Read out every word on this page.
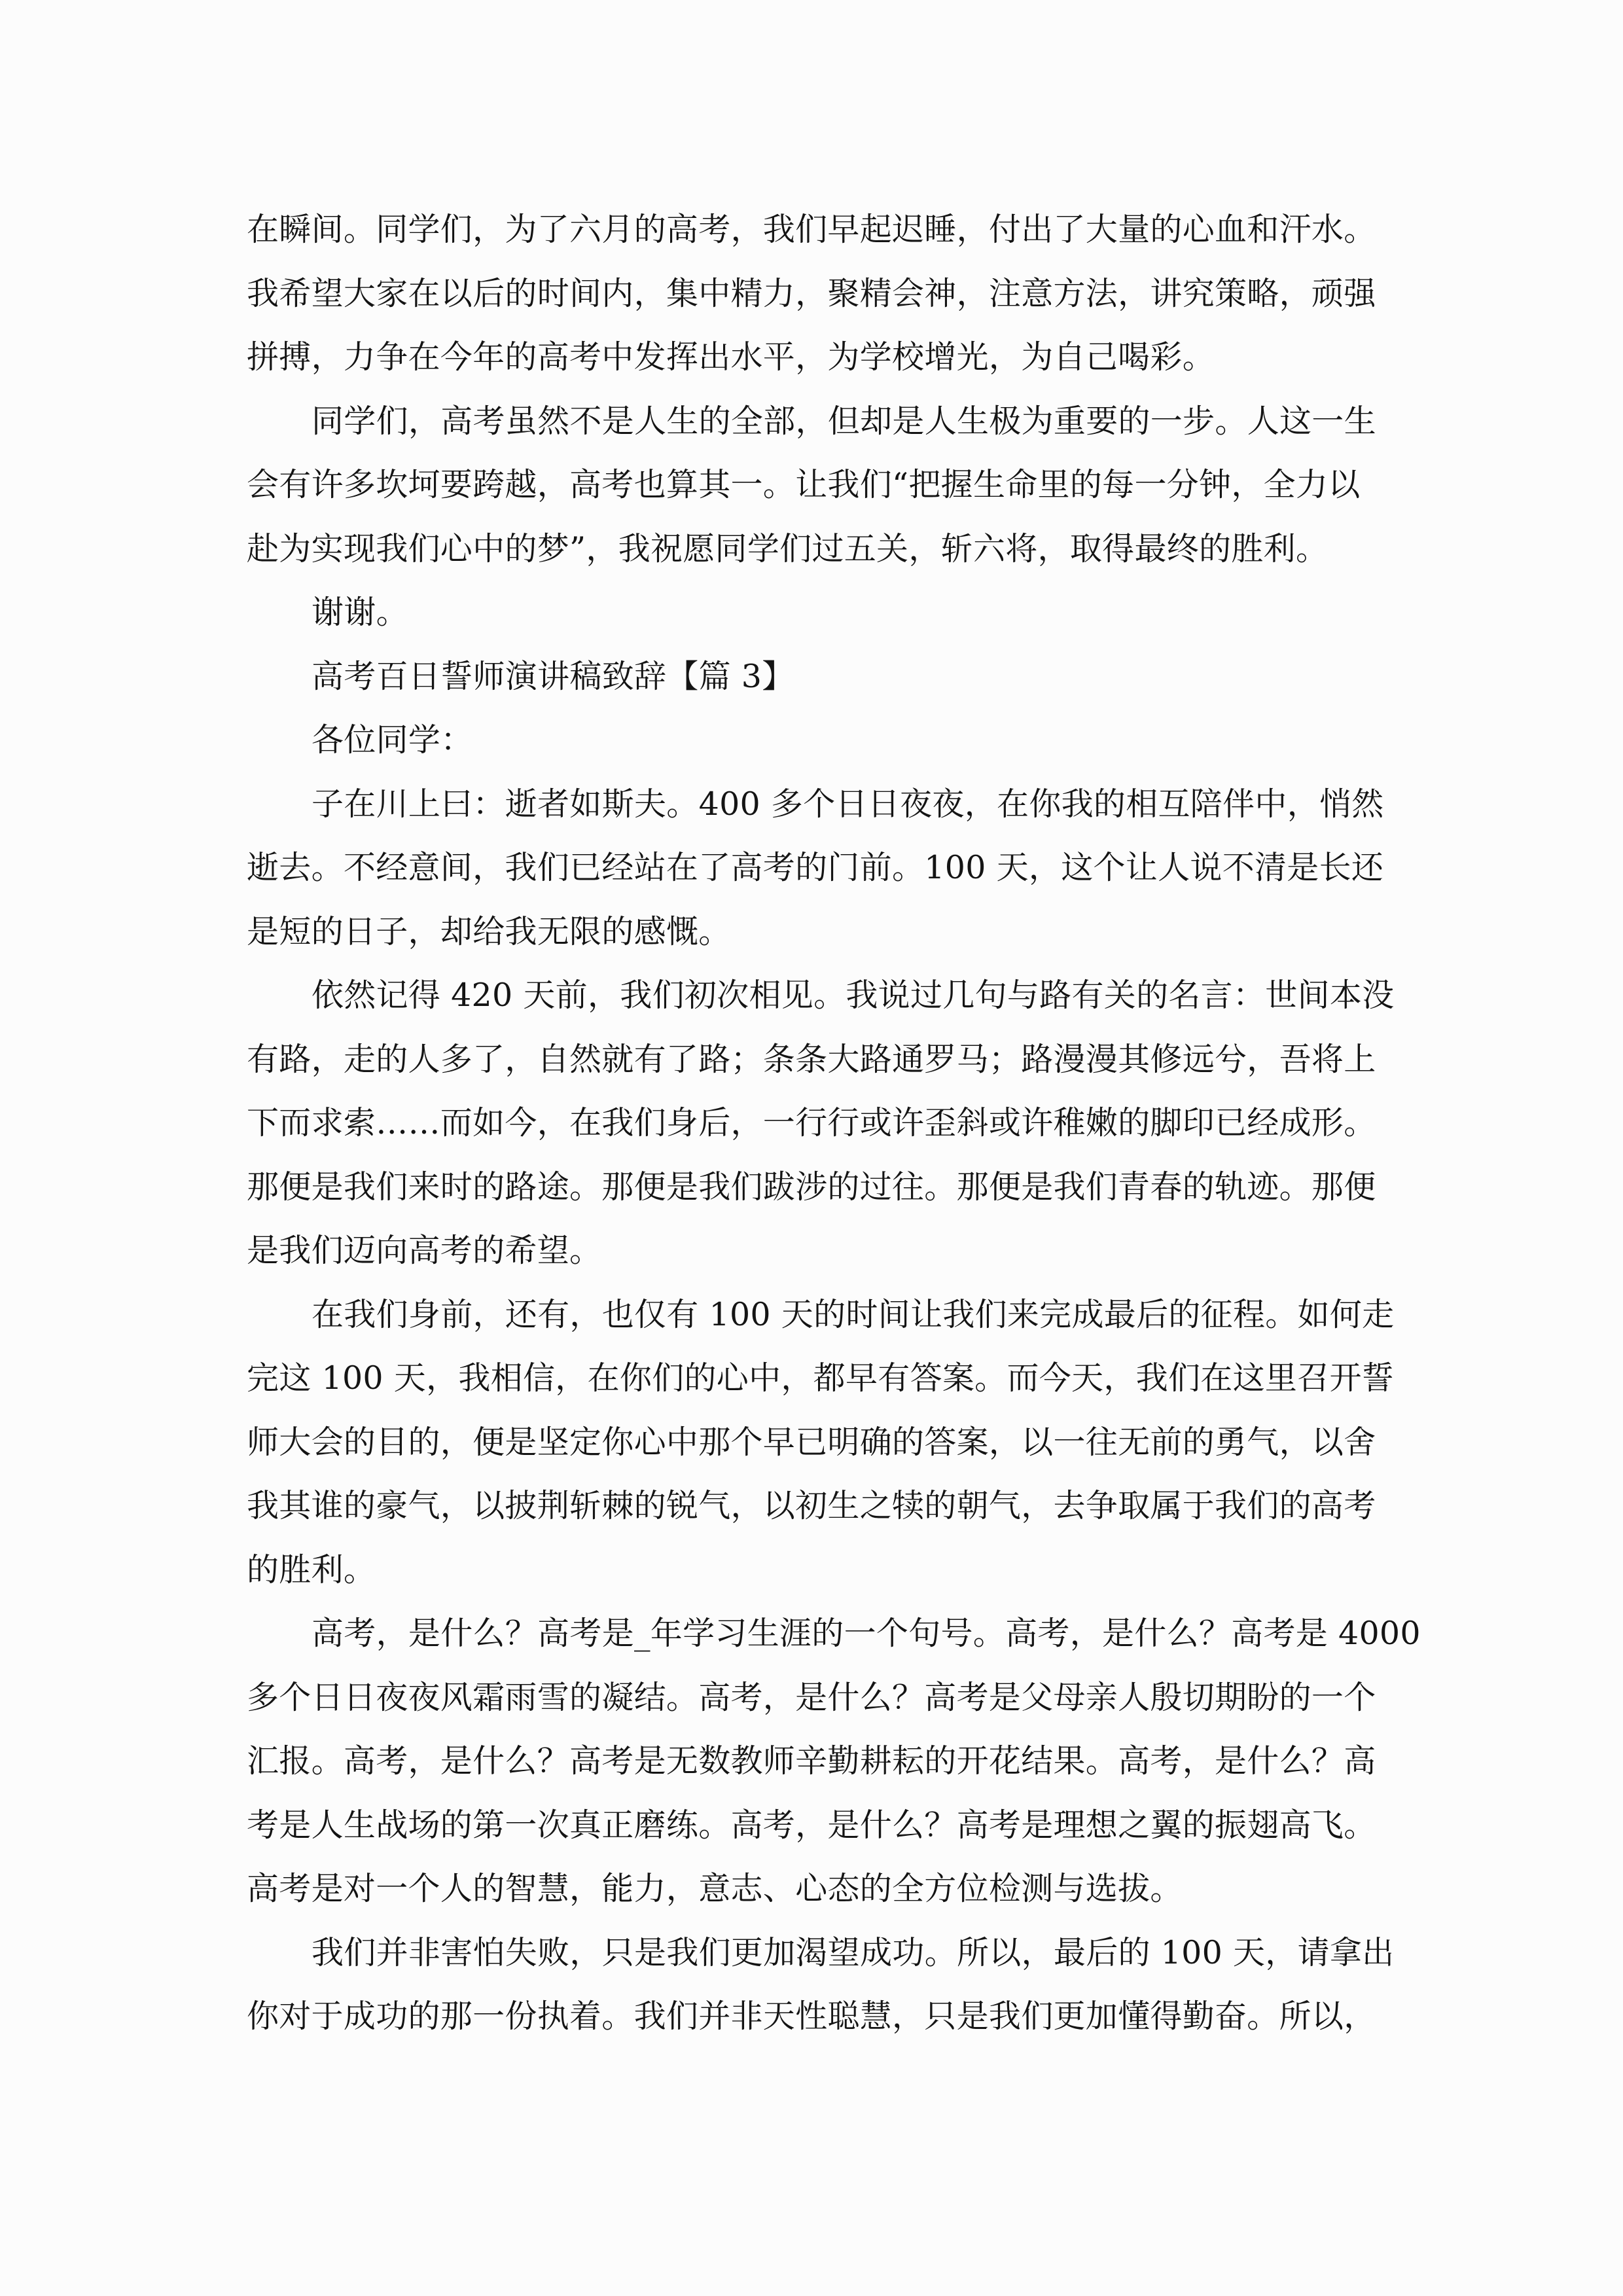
在瞬间。同学们，为了六月的高考，我们早起迟睡，付出了大量的心血和汗水。
我希望大家在以后的时间内，集中精力，聚精会神，注意方法，讲究策略，顽强
拼搏，力争在今年的高考中发挥出水平，为学校增光，为自己喝彩。
同学们，高考虽然不是人生的全部，但却是人生极为重要的一步。人这一生
会有许多坎坷要跨越，高考也算其一。让我们“把握生命里的每一分钟，全力以
赴为实现我们心中的梦”，我祝愿同学们过五关，斩六将，取得最终的胜利。
谢谢。
高考百日誓师演讲稿致辞【篇 3】
各位同学：
子在川上曰：逝者如斯夫。400 多个日日夜夜，在你我的相互陪伴中，悄然
逝去。不经意间，我们已经站在了高考的门前。100 天，这个让人说不清是长还
是短的日子，却给我无限的感慨。
依然记得 420 天前，我们初次相见。我说过几句与路有关的名言：世间本没
有路，走的人多了，自然就有了路；条条大路通罗马；路漫漫其修远兮，吾将上
下而求索……而如今，在我们身后，一行行或许歪斜或许稚嫩的脚印已经成形。
那便是我们来时的路途。那便是我们跋涉的过往。那便是我们青春的轨迹。那便
是我们迈向高考的希望。
在我们身前，还有，也仅有 100 天的时间让我们来完成最后的征程。如何走
完这 100 天，我相信，在你们的心中，都早有答案。而今天，我们在这里召开誓
师大会的目的，便是坚定你心中那个早已明确的答案，以一往无前的勇气，以舍
我其谁的豪气，以披荆斩棘的锐气，以初生之犊的朝气，去争取属于我们的高考
的胜利。
高考，是什么？高考是_年学习生涯的一个句号。高考，是什么？高考是 4000
多个日日夜夜风霜雨雪的凝结。高考，是什么？高考是父母亲人殷切期盼的一个
汇报。高考，是什么？高考是无数教师辛勤耕耘的开花结果。高考，是什么？高
考是人生战场的第一次真正磨练。高考，是什么？高考是理想之翼的振翅高飞。
高考是对一个人的智慧，能力，意志、心态的全方位检测与选拔。
我们并非害怕失败，只是我们更加渴望成功。所以，最后的 100 天，请拿出
你对于成功的那一份执着。我们并非天性聪慧，只是我们更加懂得勤奋。所以，
